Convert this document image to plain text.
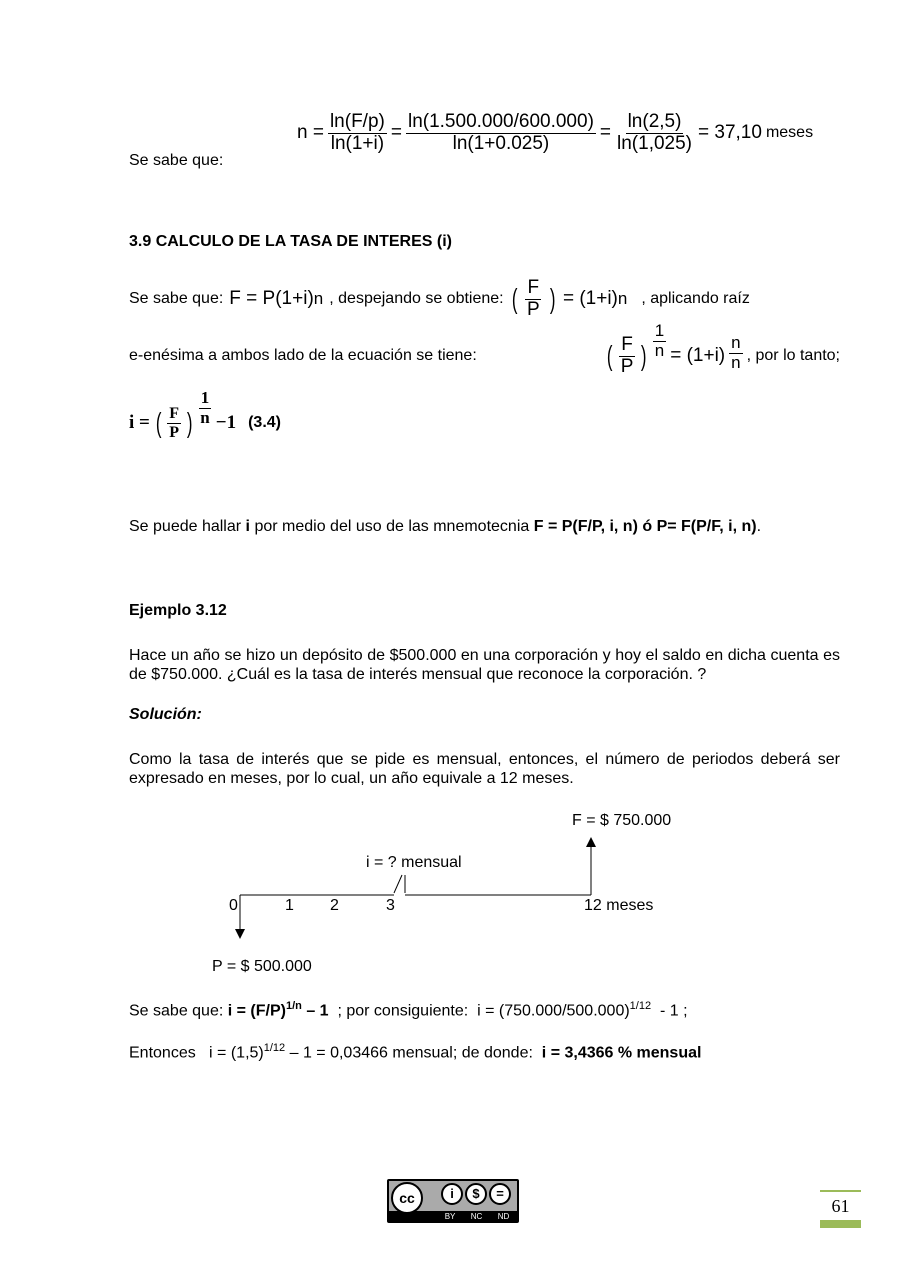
Se sabe que:
$n = \frac{\ln(F/p)}{\ln(1+i)} = \frac{\ln(1.500.000/600.000)}{\ln(1+0.025)} = \frac{\ln(2,5)}{\ln(1,025)} = 37,10$ meses
3.9 CALCULO DE LA TASA DE INTERES (i)
Se sabe que: F = P(1+i) n , despejando se obtiene: ( $\frac{F}{P}$ ) = (1+i) n , aplicando raíz
e-enésima a ambos lado de la ecuación se tiene:	( $\frac{F}{P}$ ) $\frac{1}{n} = (1+i) \frac{n}{n}$ , por lo tanto;
i = ( $\frac{F}{P}$ ) $\frac{1}{n} -1$ (3.4)
Se puede hallar i por medio del uso de las mnemotecnia F = P(F/P, i, n) ó P= F(P/F, i, n).
Ejemplo 3.12
Hace un año se hizo un depósito de $500.000 en una corporación y hoy el saldo en dicha cuenta es de $750.000. ¿Cuál es la tasa de interés mensual que reconoce la corporación. ?
Solución:
Como la tasa de interés que se pide es mensual, entonces, el número de periodos deberá ser expresado en meses, por lo cual, un año equivale a 12 meses.
F = $ 750.000
i = ? mensual
0	1 2	3	12 meses
P = $ 500.000
Se sabe que: $i = (F/P)^{1/n} - 1$  ; por consiguiente:  $i = (750.000/500.000)^{1/12} - 1$ ;
Entonces   $i = (1,5)^{1/12} - 1 = 0,03466$ mensual; de donde:  i = 3,4366 % mensual
cc	i	$	=
BY NC ND
61
